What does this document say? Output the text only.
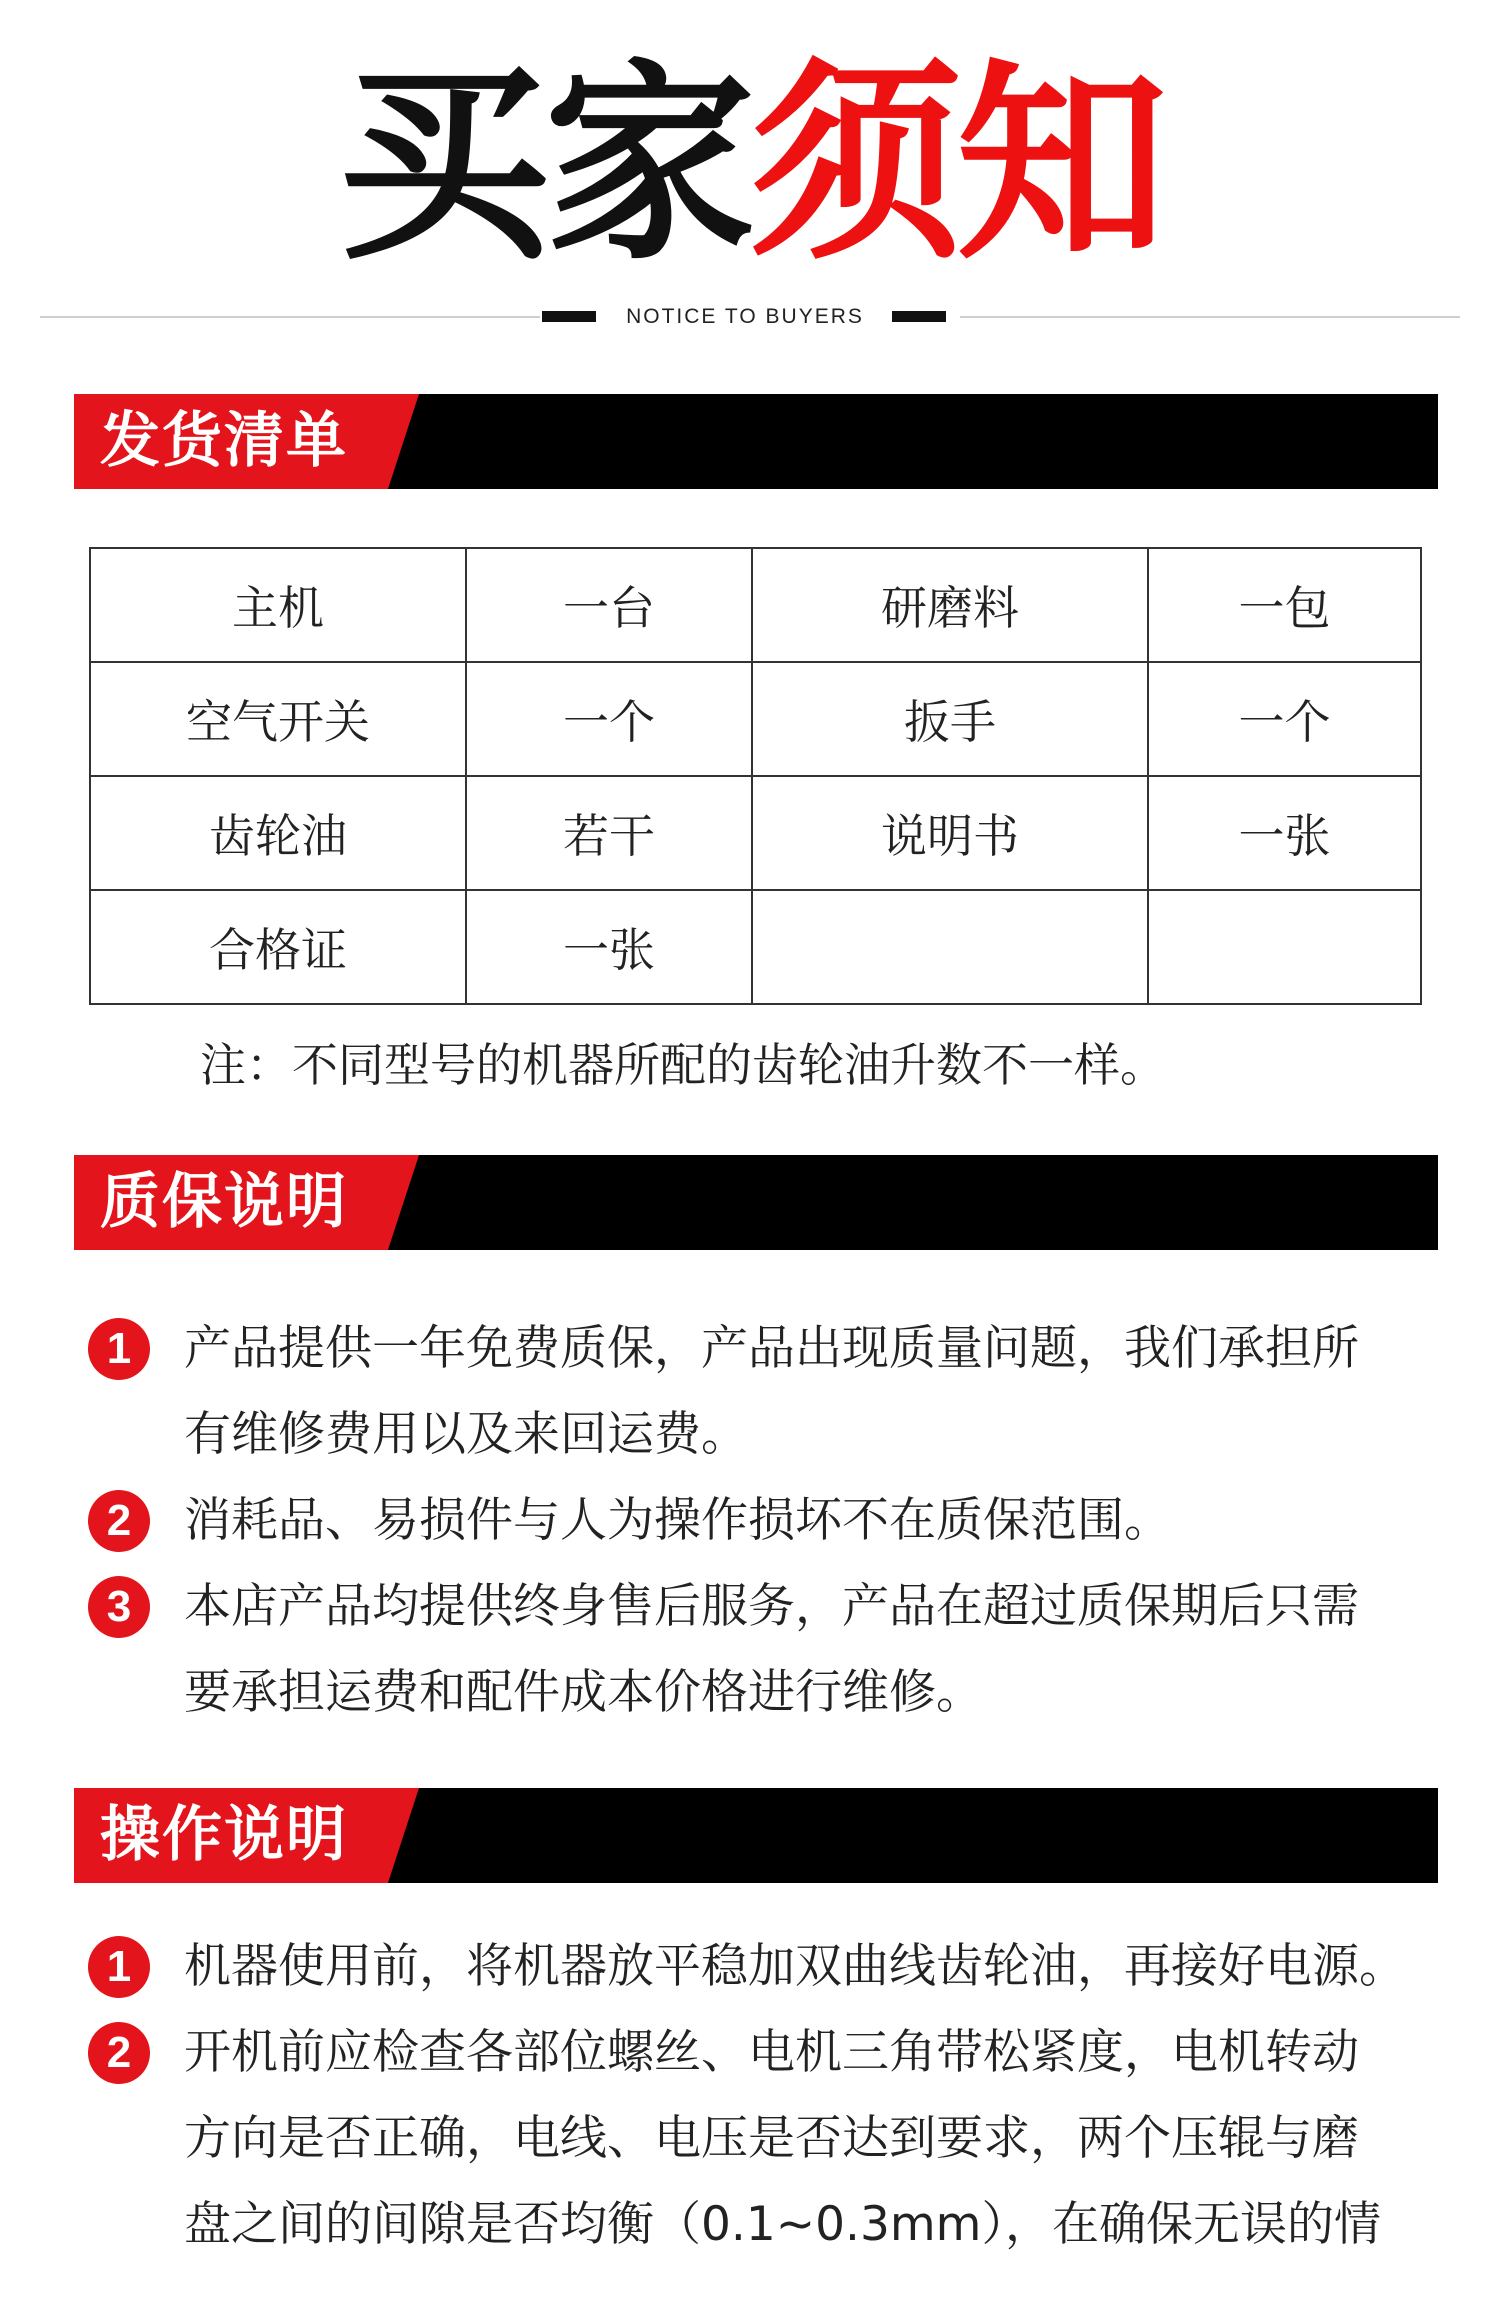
买家须知
NOTICE TO BUYERS
发货清单
主机	一台	研磨料	一包
空气开关	一个	扳手	一个
齿轮油	若干	说明书	一张
合格证	一张		
注：不同型号的机器所配的齿轮油升数不一样。
质保说明
1	产品提供一年免费质保，产品出现质量问题，我们承担所
有维修费用以及来回运费。
2	消耗品、易损件与人为操作损坏不在质保范围。
3	本店产品均提供终身售后服务，产品在超过质保期后只需
要承担运费和配件成本价格进行维修。
操作说明
1	机器使用前，将机器放平稳加双曲线齿轮油，再接好电源。
2	开机前应检查各部位螺丝、电机三角带松紧度，电机转动
方向是否正确，电线、电压是否达到要求，两个压辊与磨
盘之间的间隙是否均衡（0.1~0.3mm），在确保无误的情
